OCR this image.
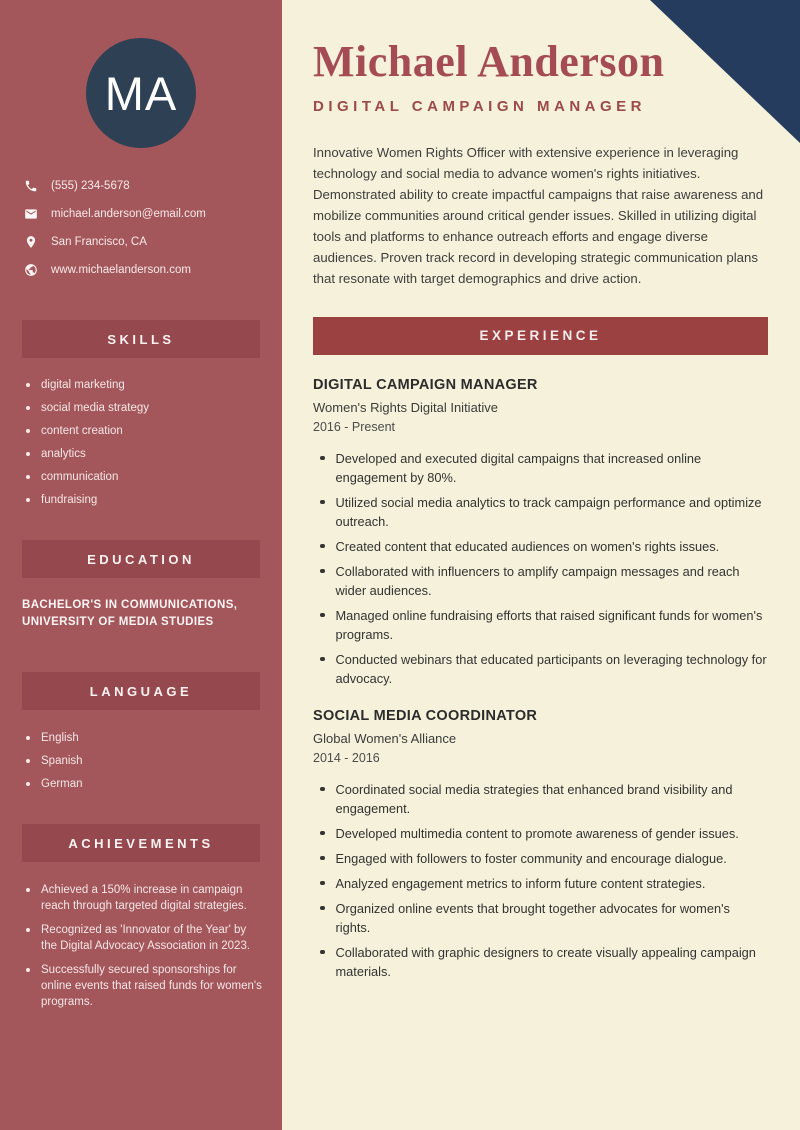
MA
(555) 234-5678
michael.anderson@email.com
San Francisco, CA
www.michaelanderson.com
SKILLS
digital marketing
social media strategy
content creation
analytics
communication
fundraising
EDUCATION

BACHELOR'S IN COMMUNICATIONS, UNIVERSITY OF MEDIA STUDIES

LANGUAGE
English
Spanish
German
ACHIEVEMENTS
Achieved a 150% increase in campaign reach through targeted digital strategies.
Recognized as 'Innovator of the Year' by the Digital Advocacy Association in 2023.
Successfully secured sponsorships for online events that raised funds for women's programs.
Michael Anderson
DIGITAL CAMPAIGN MANAGER

Innovative Women Rights Officer with extensive experience in leveraging technology and social media to advance women's rights initiatives. Demonstrated ability to create impactful campaigns that raise awareness and mobilize communities around critical gender issues. Skilled in utilizing digital tools and platforms to enhance outreach efforts and engage diverse audiences. Proven track record in developing strategic communication plans that resonate with target demographics and drive action.

EXPERIENCE
DIGITAL CAMPAIGN MANAGER
Women's Rights Digital Initiative
2016 - Present
Developed and executed digital campaigns that increased online engagement by 80%.
Utilized social media analytics to track campaign performance and optimize outreach.
Created content that educated audiences on women's rights issues.
Collaborated with influencers to amplify campaign messages and reach wider audiences.
Managed online fundraising efforts that raised significant funds for women's programs.
Conducted webinars that educated participants on leveraging technology for advocacy.
SOCIAL MEDIA COORDINATOR
Global Women's Alliance
2014 - 2016
Coordinated social media strategies that enhanced brand visibility and engagement.
Developed multimedia content to promote awareness of gender issues.
Engaged with followers to foster community and encourage dialogue.
Analyzed engagement metrics to inform future content strategies.
Organized online events that brought together advocates for women's rights.
Collaborated with graphic designers to create visually appealing campaign materials.
